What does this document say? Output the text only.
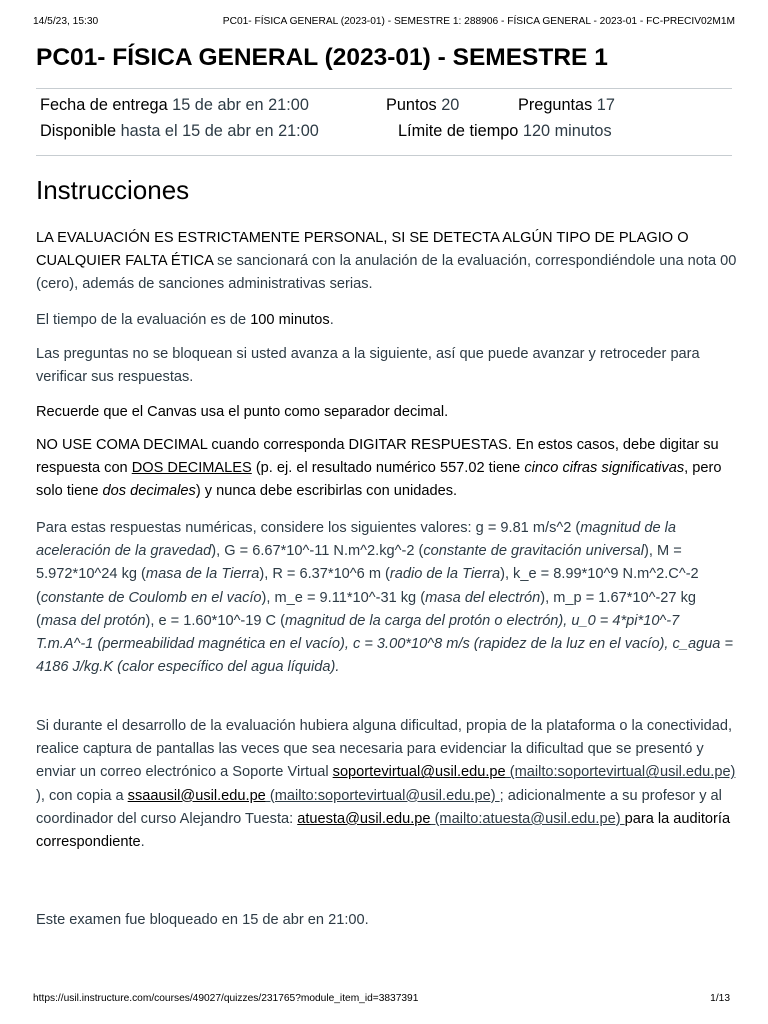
14/5/23, 15:30	PC01- FÍSICA GENERAL (2023-01) - SEMESTRE 1: 288906 - FÍSICA GENERAL - 2023-01 - FC-PRECIV02M1M
PC01- FÍSICA GENERAL (2023-01) - SEMESTRE 1
Fecha de entrega 15 de abr en 21:00	Puntos 20	Preguntas 17
Disponible hasta el 15 de abr en 21:00	Límite de tiempo 120 minutos
Instrucciones

LA EVALUACIÓN ES ESTRICTAMENTE PERSONAL, SI SE DETECTA ALGÚN TIPO DE PLAGIO O CUALQUIER FALTA ÉTICA se sancionará con la anulación de la evaluación, correspondiéndole una nota 00 (cero), además de sanciones administrativas serias.

El tiempo de la evaluación es de 100 minutos.

Las preguntas no se bloquean si usted avanza a la siguiente, así que puede avanzar y retroceder para verificar sus respuestas.

Recuerde que el Canvas usa el punto como separador decimal.

NO USE COMA DECIMAL cuando corresponda DIGITAR RESPUESTAS. En estos casos, debe digitar su respuesta con DOS DECIMALES (p. ej. el resultado numérico 557.02 tiene cinco cifras significativas, pero solo tiene dos decimales) y nunca debe escribirlas con unidades.

Para estas respuestas numéricas, considere los siguientes valores: g = 9.81 m/s^2 (magnitud de la aceleración de la gravedad), G = 6.67*10^-11 N.m^2.kg^-2 (constante de gravitación universal), M = 5.972*10^24 kg (masa de la Tierra), R = 6.37*10^6 m (radio de la Tierra), k_e = 8.99*10^9 N.m^2.C^-2 (constante de Coulomb en el vacío), m_e = 9.11*10^-31 kg (masa del electrón), m_p = 1.67*10^-27 kg (masa del protón), e = 1.60*10^-19 C (magnitud de la carga del protón o electrón), u_0 = 4*pi*10^-7 T.m.A^-1 (permeabilidad magnética en el vacío), c = 3.00*10^8 m/s (rapidez de la luz en el vacío), c_agua = 4186 J/kg.K (calor específico del agua líquida).

Si durante el desarrollo de la evaluación hubiera alguna dificultad, propia de la plataforma o la conectividad, realice captura de pantallas las veces que sea necesaria para evidenciar la dificultad que se presentó y enviar un correo electrónico a Soporte Virtual soportevirtual@usil.edu.pe (mailto:soportevirtual@usil.edu.pe) ), con copia a ssaausil@usil.edu.pe (mailto:soportevirtual@usil.edu.pe) ; adicionalmente a su profesor y al coordinador del curso Alejandro Tuesta: atuesta@usil.edu.pe (mailto:atuesta@usil.edu.pe) para la auditoría correspondiente.

Este examen fue bloqueado en 15 de abr en 21:00.

https://usil.instructure.com/courses/49027/quizzes/231765?module_item_id=3837391	1/13
